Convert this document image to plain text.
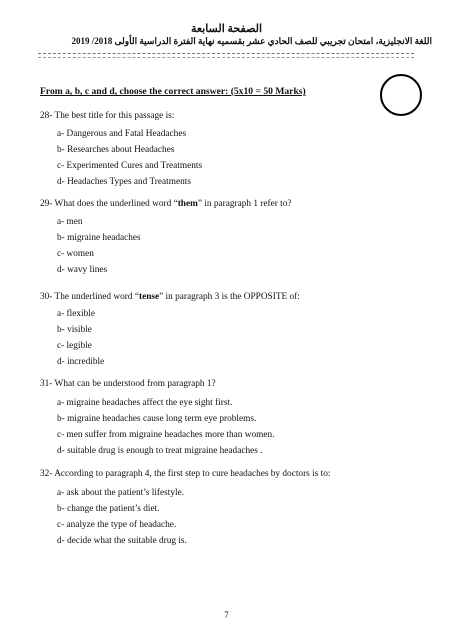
الصفحة السابعة
اللغة الانجليزية، امتحان تجريبي للصف الحادي عشر بقسميه نهاية الفترة الدراسية الأولى 2018/ 2019
From a, b, c and d, choose the correct answer: (5x10 = 50 Marks)
28- The best title for this passage is:
a- Dangerous and Fatal Headaches
b- Researches about Headaches
c- Experimented Cures and Treatments
d- Headaches Types and Treatments
29- What does the underlined word “them” in paragraph 1 refer to?
a- men
b- migraine headaches
c- women
d- wavy lines
30- The underlined word “tense” in paragraph 3 is the OPPOSITE of:
a- flexible
b- visible
c- legible
d- incredible
31- What can be understood from paragraph 1?
a- migraine headaches affect the eye sight first.
b- migraine headaches cause long term eye problems.
c- men suffer from migraine headaches more than women.
d- suitable drug is enough to treat migraine headaches .
32- According to paragraph 4, the first step to cure headaches by doctors is to:
a- ask about the patient’s lifestyle.
b- change the patient’s diet.
c- analyze the type of headache.
d- decide what the suitable drug is.
7
